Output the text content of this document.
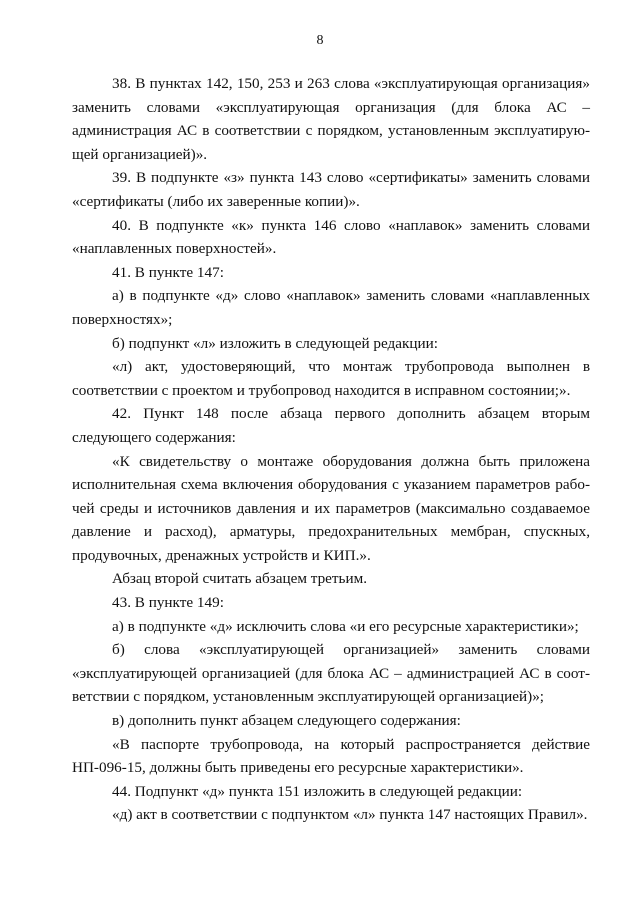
8

38. В пунктах 142, 150, 253 и 263 слова «эксплуатирующая организация» заменить словами «эксплуатирующая организация (для блока АС – администрация АС в соответствии с порядком, установленным эксплуатирующей организацией)».

39. В подпункте «з» пункта 143 слово «сертификаты» заменить словами «сертификаты (либо их заверенные копии)».

40. В подпункте «к» пункта 146 слово «наплавок» заменить словами «наплавленных поверхностей».

41. В пункте 147:

а) в подпункте «д» слово «наплавок» заменить словами «наплавленных поверхностях»;

б) подпункт «л» изложить в следующей редакции:

«л) акт, удостоверяющий, что монтаж трубопровода выполнен в соответствии с проектом и трубопровод находится в исправном состоянии;».

42. Пункт 148 после абзаца первого дополнить абзацем вторым следующего содержания:

«К свидетельству о монтаже оборудования должна быть приложена исполнительная схема включения оборудования с указанием параметров рабочей среды и источников давления и их параметров (максимально создаваемое давление и расход), арматуры, предохранительных мембран, спускных, продувочных, дренажных устройств и КИП.».

Абзац второй считать абзацем третьим.

43. В пункте 149:

а) в подпункте «д» исключить слова «и его ресурсные характеристики»;

б) слова «эксплуатирующей организацией» заменить словами «эксплуатирующей организацией (для блока АС – администрацией АС в соответствии с порядком, установленным эксплуатирующей организацией)»;

в) дополнить пункт абзацем следующего содержания:

«В паспорте трубопровода, на который распространяется действие НП-096-15, должны быть приведены его ресурсные характеристики».

44. Подпункт «д» пункта 151 изложить в следующей редакции:

«д) акт в соответствии с подпунктом «л» пункта 147 настоящих Правил».
